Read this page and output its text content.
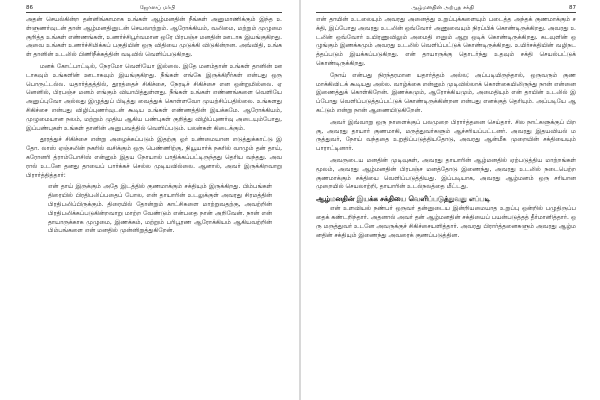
86	ஜோஸப் மர்பி

அதன் செயல்கின்ற தன்னிங்காமாக உங்கள் ஆழ்மனதின் நீங்கள் அனுமாணிக்கும் இந்த உள்ளுணர்வுடன் தான் ஆழ்மனதினுடன் செயலாற்றும். ஆரோக்கியம், வலிமை, மற்றும் முழுமை குறித்த உங்கள் எண்ணங்கள், உணர்ச்சிபூர்வமான ஒரே பிரபஞ்ச மனதின் ஊடாக இயங்குகிறது. அவை உங்கள் உணர்ச்சிமிக்கப் பகுதியின் ஒரு விதியை முடுக்கி விடுகின்றன. அவ்விதி, உங்கள் தானின் உடலில் பிணிநீக்கத்தின் வடிவில் வெளிப்படுகிறது.

மனக் கோட்பாட்டில், நேரமோ வெளியோ இல்லை. இதே மனம்தான் உங்கள் தானின் ஊடாகவும் உங்களின் ஊடாகவும் இயங்குகிறது. நீங்கள் எங்கே இருக்கிறீர்கள் என்பது ஒரு பொருட்டல்ல. யதார்த்தத்தில், தூரத்தைச் சிகிச்சை, நேரடிச் சிகிச்சை என ஒன்றுமில்லை. ஏனெனில், பிரபஞ்ச மனம் எங்கும் வியாபித்துள்ளது. நீங்கள் உங்கள் எண்ணங்களை வெளியே அனுப்புவோ அல்லது இழுத்துப் பிடித்து வைத்துக் கொள்ளவோ முயற்சிப்பதில்லை. உங்களது சிகிச்சை என்பது விழிப்புணர்வுடன் கூடிய உங்கள் எண்ணத்தின் இயக்கமே. ஆரோக்கியம், முழுமையான நலம், மற்றும் முதிய ஆகிய பண்புகள் குறித்து விழிப்புணர்வு அடையும்போது, இப்பண்புகள் உங்கள் தானின் அனுபவத்தில் வெளிப்படும். பலன்கள் கிடைக்கும்.

தூரத்துச் சிகிச்சை என்று அழைக்கப்படும் இதற்கு ஓர் உண்மையான எடுத்துக்காட்டு இதோ. லாஸ் ஏஞ்சலின் நகரில் வசிக்கும் ஒரு பெண்ணிற்கு, நியூயார்க் நகரில் வாழும் தன் தாய், கரோனரி த்ராம்போசிஸ் என்னும் இதய நோயால் பாதிக்கப்பட்டிருந்தது தெரிய வந்தது. அவரால் உடனே தனது தாயைப் பார்க்கச் செல்ல முடியவில்லை. ஆனால், அவர் இருக்கிறவாறு பிரார்த்தித்தார்:

என் தாய் இருக்கும் அதே இடத்தில் குணமாக்கும் சக்தியும் இருக்கிறது. பிம்பங்கள் திரையில் பிரதிபலிப்பதைப் போல, என் தாயாரின் உடலுக்குள் அவரது சிரமத்தின் பிரதிபலிப்பிருக்கும். திரையில் தோன்றும் காட்சிகளை மாற்றுவதற்கு, அவற்றின் பிரதிபலிக்கப்படுகின்றவாறு மாற்ற வேண்டும் என்பதை நான் அறிவேன். நான் என் தாயாருக்காக முழுமை, இணக்கம், மற்றும் பரிபூரண ஆரோக்கியம் ஆகியவற்றின் பிம்பங்களை என் மனதில் முன்னிறுத்துகிறேன்.

ஆழ்மனதின் அற்புத சக்தி	87

என் தாயின் உடலையும் அவரது அனைத்து உறுப்புக்களையும் படைத்த அந்தக் குணமாக்கும் சக்தி, இப்போது அவரது உடலின் ஒவ்வோர் அணுவையும் நிரப்பிக் கொண்டிருக்கிறது. அவரது உடலின் ஒவ்வோர் உயிரணுவிலும் அமைதி எனும் ஆறு ஒடிக் கொண்டிருக்கிறது. கடவுளின் ஒழுங்கும் இணக்கமும் அவரது உடலில் வெளிப்பட்டுக் கொண்டிருக்கிறது. உயிர்சக்தியின் வழிநடத்தப்படும் இயக்கப்படுகிறது. என் தாயாருக்கு தொடர்ந்து உதவும் சக்தி செயல்பட்டுக் கொண்டிருக்கிறது.

நோய் என்பது நிரந்தரமான யதார்த்தம் அல்ல; அப்படியிருந்தால், ஒருவரும் குணமாக்கிவிடக் கூடியது அல்ல. வாழ்க்கை என்னும் முடிவில்லாக் கொள்கையிலிருந்து நான் என்னை இணைத்துக் கொள்கிறேன். இணக்கமும், ஆரோக்கியமும், அமைதியும் என் தாயின் உடலில் இப்போது வெளிப்படுத்தப்பட்டுக் கொண்டிருக்கின்றன என்பது எனக்குத் தெரியும். அப்படியே ஆகட்டும் என்று நான் ஆணையிடுகிறேன்.

அவர் இவ்வாறு ஒரு நாளைக்குப் பலமுறை பிரார்த்தனை செய்தார். சில நாட்களுக்குப் பிறகு, அவரது தாயார் குணமாகி, மருத்துவர்களும் ஆச்சரியப்பட்டனர். அவரது இதயவியல் மருத்துவர், நோய் வந்ததை உறுதிப்படுத்தியதோடு, அவரது ஆன்மீக முறையின் சக்தியையும் பாராட்டினார்.

அவருடைய மனதின் முடிவுகள், அவரது தாயாரின் ஆழ்மனதில் ஏற்படுத்திய மாற்றங்கள் மூலம், அவரது ஆழ்மனதின் பிரபஞ்ச மனத்தோடு இணைந்து, அவரது உடலில் நடைபெற்ற குணமாக்கும் சக்தியை வெளிப்படுத்தியது. இப்படியாக, அவரது ஆழ்மனம் ஒரு சரியான முறையில் செயலாற்றி, தாயாரின் உடல்நலத்தை மீட்டது.

ஆழ்மனதின் இயக்க சக்தியை வெளிப்படுத்துவது எப்படி

என் உளவியல் நண்பர் ஒருவர் தன்னுடைய இன்றியமையாத உறுப்பு ஒன்றில் பழுதிருப்பதைக் கண்டறிந்தார். அதனால் அவர் தன் ஆழ்மனதின் சக்தியைப் பயன்படுத்தத் தீர்மானித்தார். ஒரு மருத்துவர் உடனே அவருக்குச் சிகிச்சையளித்தார். அவரது பிரார்த்தனைகளும் அவரது ஆழ்மனதின் சக்தியும் இணைந்து அவரைக் குணப்படுத்தின.
